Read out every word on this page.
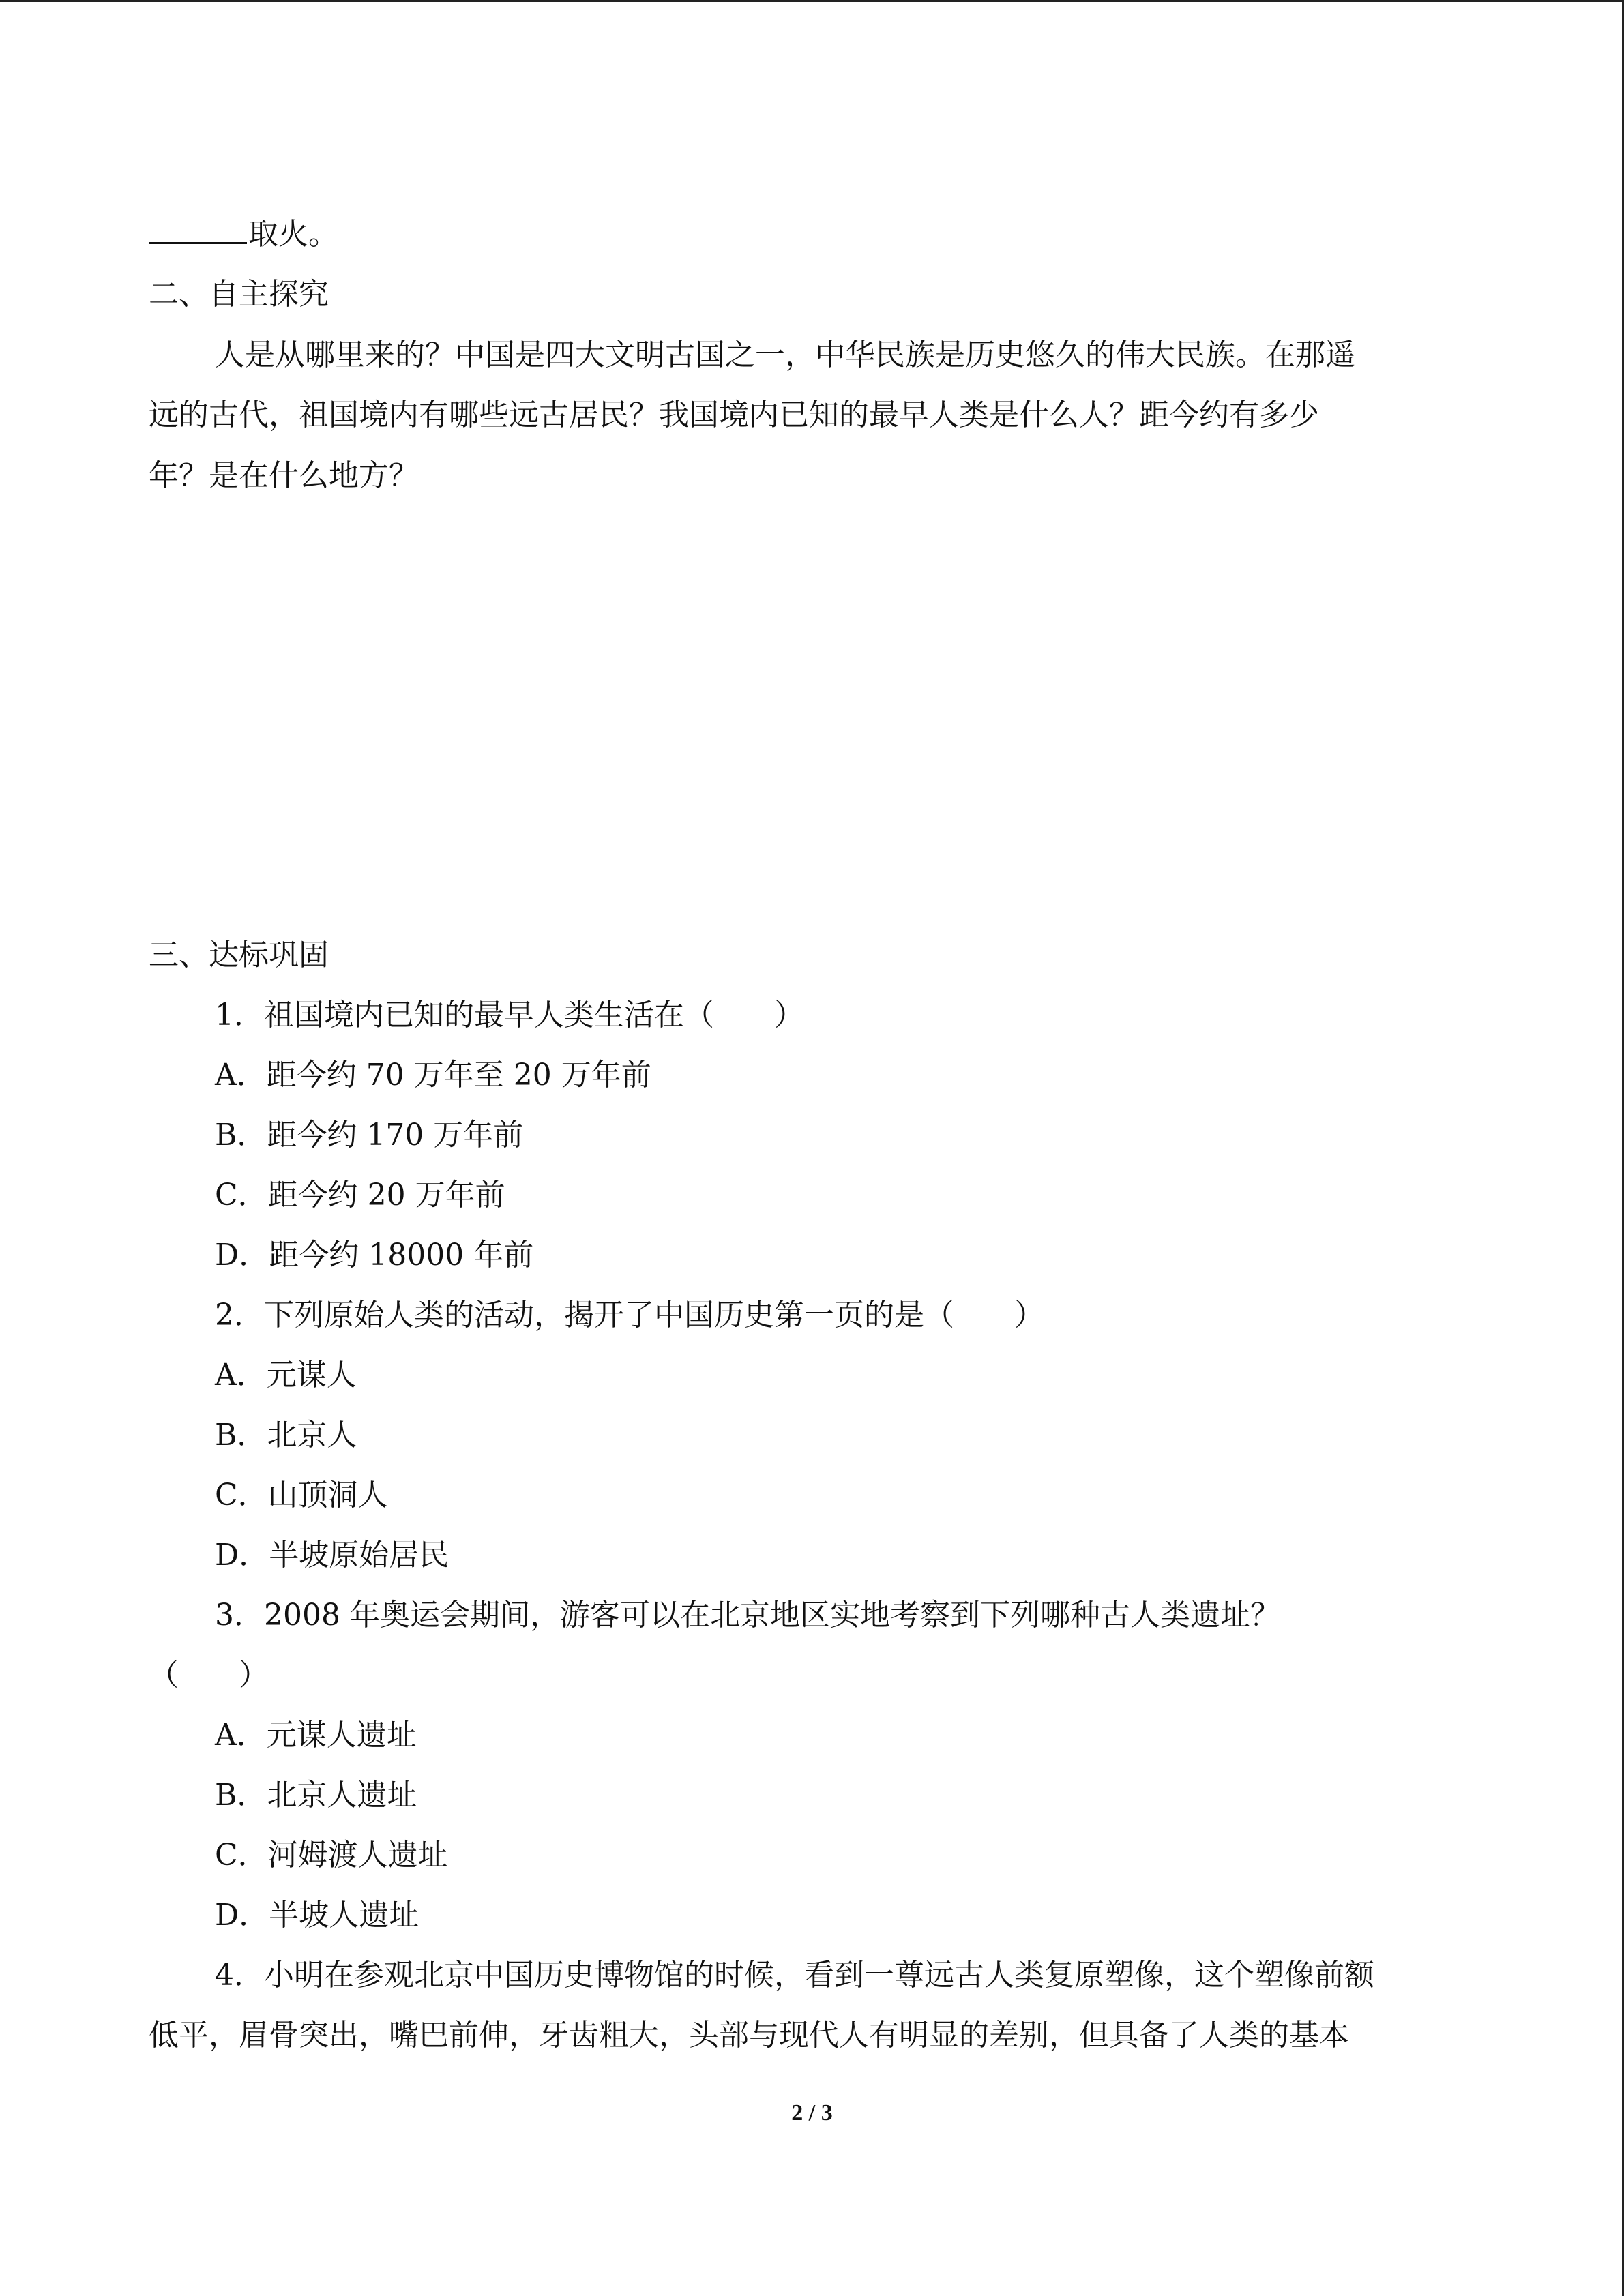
取火。
二、自主探究
人是从哪里来的？中国是四大文明古国之一，中华民族是历史悠久的伟大民族。在那遥
远的古代，祖国境内有哪些远古居民？我国境内已知的最早人类是什么人？距今约有多少
年？是在什么地方？
三、达标巩固
1．祖国境内已知的最早人类生活在（　　）
A．距今约 70 万年至 20 万年前
B．距今约 170 万年前
C．距今约 20 万年前
D．距今约 18000 年前
2．下列原始人类的活动，揭开了中国历史第一页的是（　　）
A．元谋人
B．北京人
C．山顶洞人
D．半坡原始居民
3．2008 年奥运会期间，游客可以在北京地区实地考察到下列哪种古人类遗址？
（　　）
A．元谋人遗址
B．北京人遗址
C．河姆渡人遗址
D．半坡人遗址
4．小明在参观北京中国历史博物馆的时候，看到一尊远古人类复原塑像，这个塑像前额
低平，眉骨突出，嘴巴前伸，牙齿粗大，头部与现代人有明显的差别，但具备了人类的基本
2 / 3
